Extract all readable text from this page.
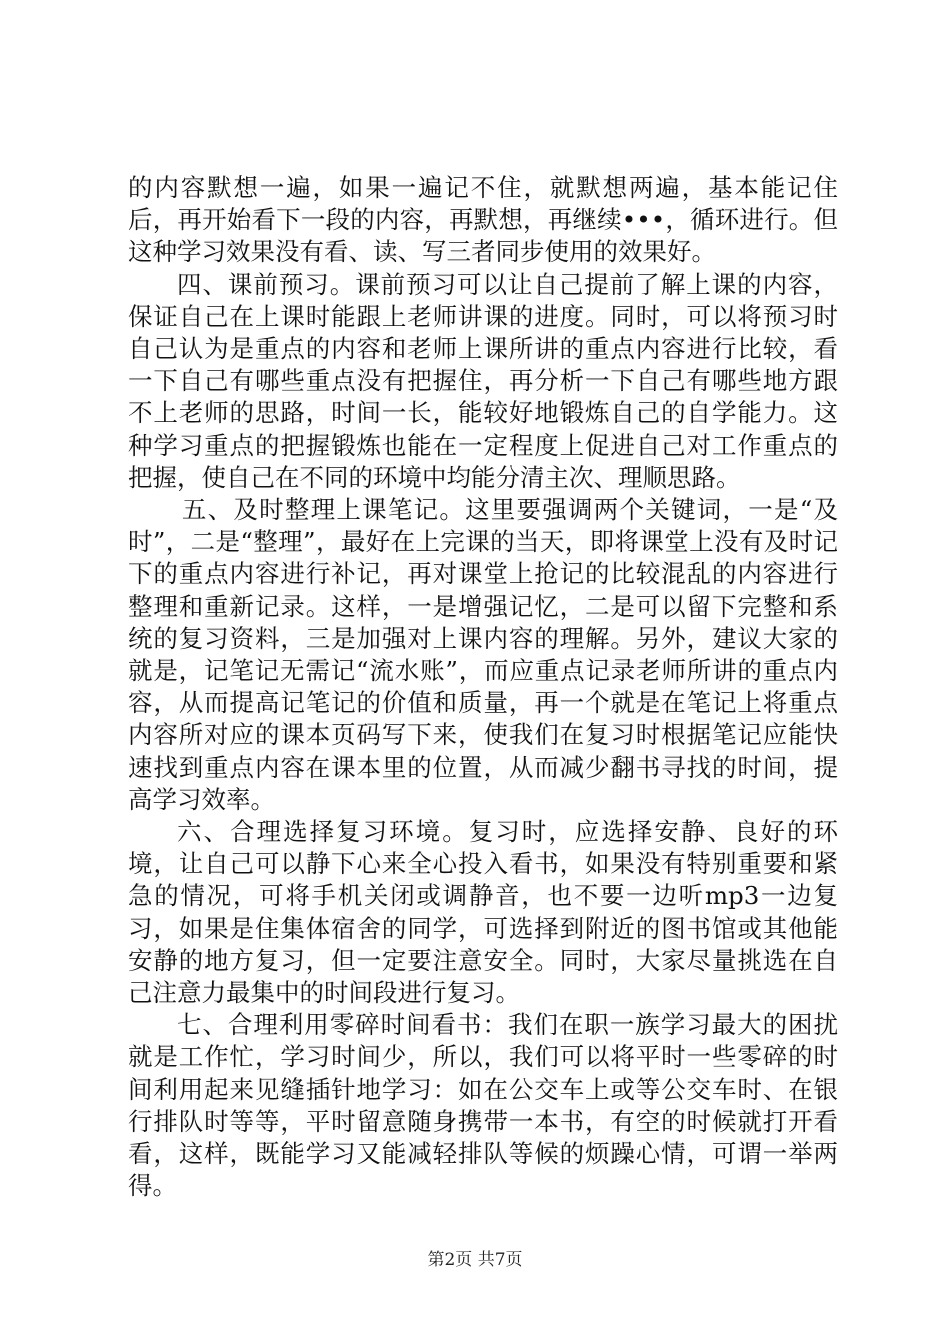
的内容默想一遍，如果一遍记不住，就默想两遍，基本能记住后，再开始看下一段的内容，再默想，再继续•••，循环进行。但这种学习效果没有看、读、写三者同步使用的效果好。

四、课前预习。课前预习可以让自己提前了解上课的内容，保证自己在上课时能跟上老师讲课的进度。同时，可以将预习时自己认为是重点的内容和老师上课所讲的重点内容进行比较，看一下自己有哪些重点没有把握住，再分析一下自己有哪些地方跟不上老师的思路，时间一长，能较好地锻炼自己的自学能力。这种学习重点的把握锻炼也能在一定程度上促进自己对工作重点的把握，使自己在不同的环境中均能分清主次、理顺思路。

五、及时整理上课笔记。这里要强调两个关键词，一是“及时”，二是“整理”，最好在上完课的当天，即将课堂上没有及时记下的重点内容进行补记，再对课堂上抢记的比较混乱的内容进行整理和重新记录。这样，一是增强记忆，二是可以留下完整和系统的复习资料，三是加强对上课内容的理解。另外，建议大家的就是，记笔记无需记“流水账”，而应重点记录老师所讲的重点内容，从而提高记笔记的价值和质量，再一个就是在笔记上将重点内容所对应的课本页码写下来，使我们在复习时根据笔记应能快速找到重点内容在课本里的位置，从而减少翻书寻找的时间，提高学习效率。

六、合理选择复习环境。复习时，应选择安静、良好的环境，让自己可以静下心来全心投入看书，如果没有特别重要和紧急的情况，可将手机关闭或调静音，也不要一边听mp3一边复习，如果是住集体宿舍的同学，可选择到附近的图书馆或其他能安静的地方复习，但一定要注意安全。同时，大家尽量挑选在自己注意力最集中的时间段进行复习。

七、合理利用零碎时间看书：我们在职一族学习最大的困扰就是工作忙，学习时间少，所以，我们可以将平时一些零碎的时间利用起来见缝插针地学习：如在公交车上或等公交车时、在银行排队时等等，平时留意随身携带一本书，有空的时候就打开看看，这样，既能学习又能减轻排队等候的烦躁心情，可谓一举两得。

第2页 共7页
